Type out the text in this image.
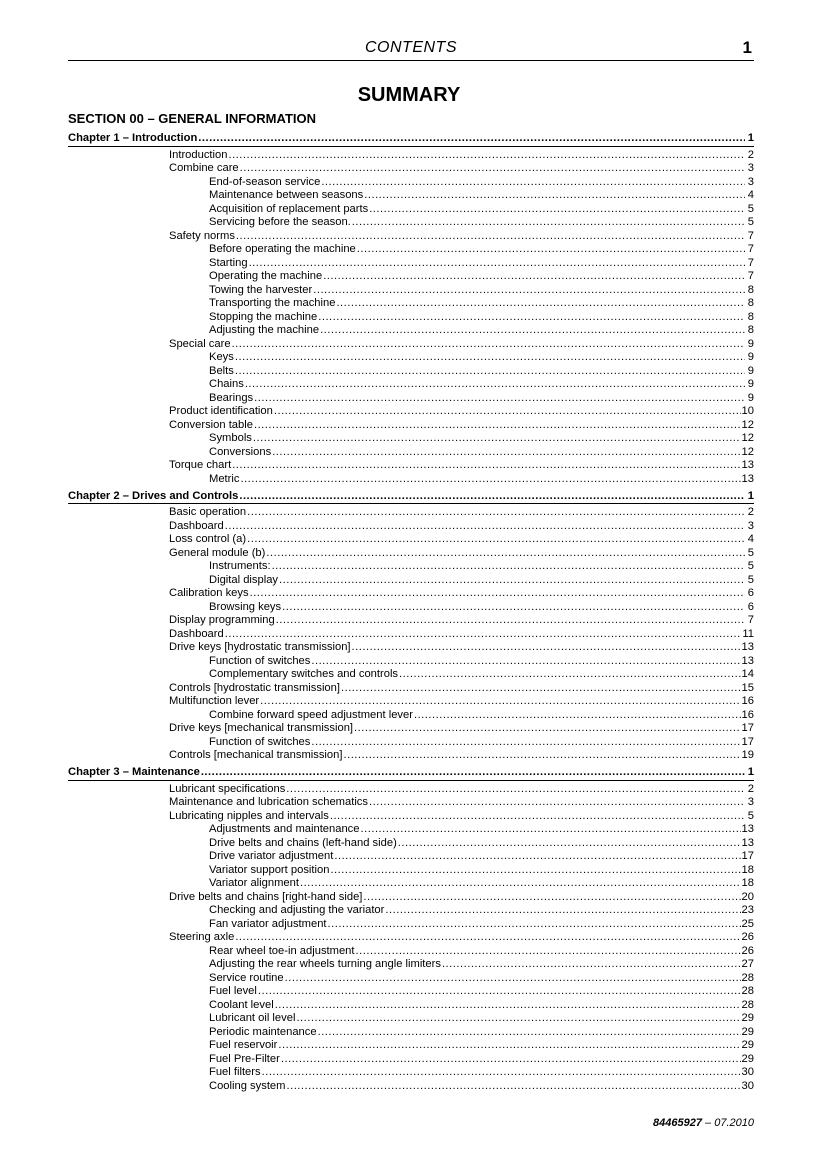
CONTENTS	1
SUMMARY
SECTION 00 – GENERAL INFORMATION
Chapter 1 – Introduction .....	1
Introduction .....	2
Combine care .....	3
End-of-season service .....	3
Maintenance between seasons .....	4
Acquisition of replacement parts .....	5
Servicing before the season. .....	5
Safety norms .....	7
Before operating the machine .....	7
Starting .....	7
Operating the machine .....	7
Towing the harvester .....	8
Transporting the machine .....	8
Stopping the machine .....	8
Adjusting the machine .....	8
Special care .....	9
Keys .....	9
Belts .....	9
Chains .....	9
Bearings .....	9
Product identification .....	10
Conversion table .....	12
Symbols .....	12
Conversions .....	12
Torque chart .....	13
Metric .....	13
Chapter 2 – Drives and Controls .....	1
Basic operation .....	2
Dashboard .....	3
Loss control (a) .....	4
General module (b) .....	5
Instruments: .....	5
Digital display .....	5
Calibration keys .....	6
Browsing keys .....	6
Display programming .....	7
Dashboard .....	11
Drive keys [hydrostatic transmission] .....	13
Function of switches .....	13
Complementary switches and controls .....	14
Controls [hydrostatic transmission] .....	15
Multifunction lever .....	16
Combine forward speed adjustment lever .....	16
Drive keys [mechanical transmission] .....	17
Function of switches .....	17
Controls [mechanical transmission] .....	19
Chapter 3 – Maintenance .....	1
Lubricant specifications .....	2
Maintenance and lubrication schematics .....	3
Lubricating nipples and intervals .....	5
Adjustments and maintenance .....	13
Drive belts and chains (left-hand side) .....	13
Drive variator adjustment .....	17
Variator support position .....	18
Variator alignment .....	18
Drive belts and chains [right-hand side] .....	20
Checking and adjusting the variator .....	23
Fan variator adjustment .....	25
Steering axle .....	26
Rear wheel toe-in adjustment .....	26
Adjusting the rear wheels turning angle limiters .....	27
Service routine .....	28
Fuel level .....	28
Coolant level .....	28
Lubricant oil level .....	29
Periodic maintenance .....	29
Fuel reservoir .....	29
Fuel Pre-Filter .....	29
Fuel filters .....	30
Cooling system .....	30
84465927 – 07.2010
